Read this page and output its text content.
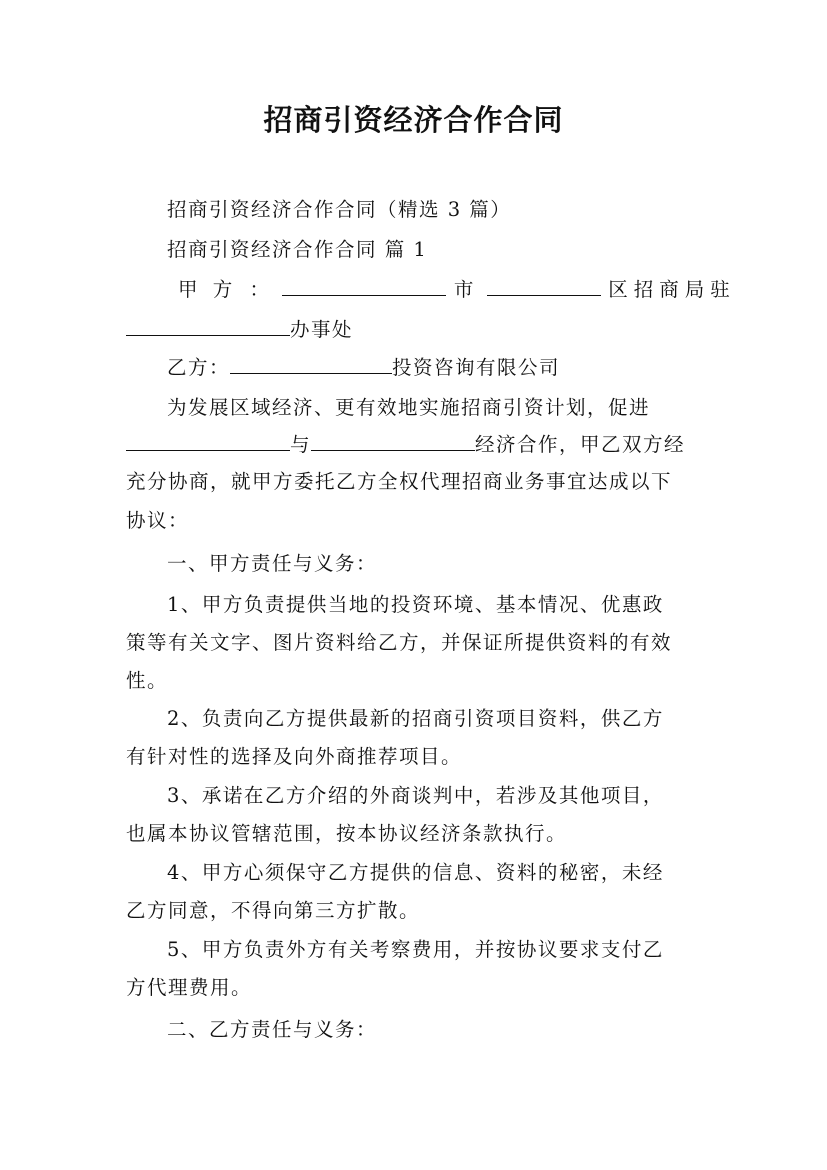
招商引资经济合作合同
招商引资经济合作合同（精选 3 篇）
招商引资经济合作合同 篇 1
甲 方 ：	市	区招商局驻
办事处
乙方：	投资咨询有限公司
为发展区域经济、更有效地实施招商引资计划，促进
与	经济合作，甲乙双方经
充分协商，就甲方委托乙方全权代理招商业务事宜达成以下
协议：
一、甲方责任与义务：
1、甲方负责提供当地的投资环境、基本情况、优惠政
策等有关文字、图片资料给乙方，并保证所提供资料的有效
性。
2、负责向乙方提供最新的招商引资项目资料，供乙方
有针对性的选择及向外商推荐项目。
3、承诺在乙方介绍的外商谈判中，若涉及其他项目，
也属本协议管辖范围，按本协议经济条款执行。
4、甲方心须保守乙方提供的信息、资料的秘密，未经
乙方同意，不得向第三方扩散。
5、甲方负责外方有关考察费用，并按协议要求支付乙
方代理费用。
二、乙方责任与义务：
